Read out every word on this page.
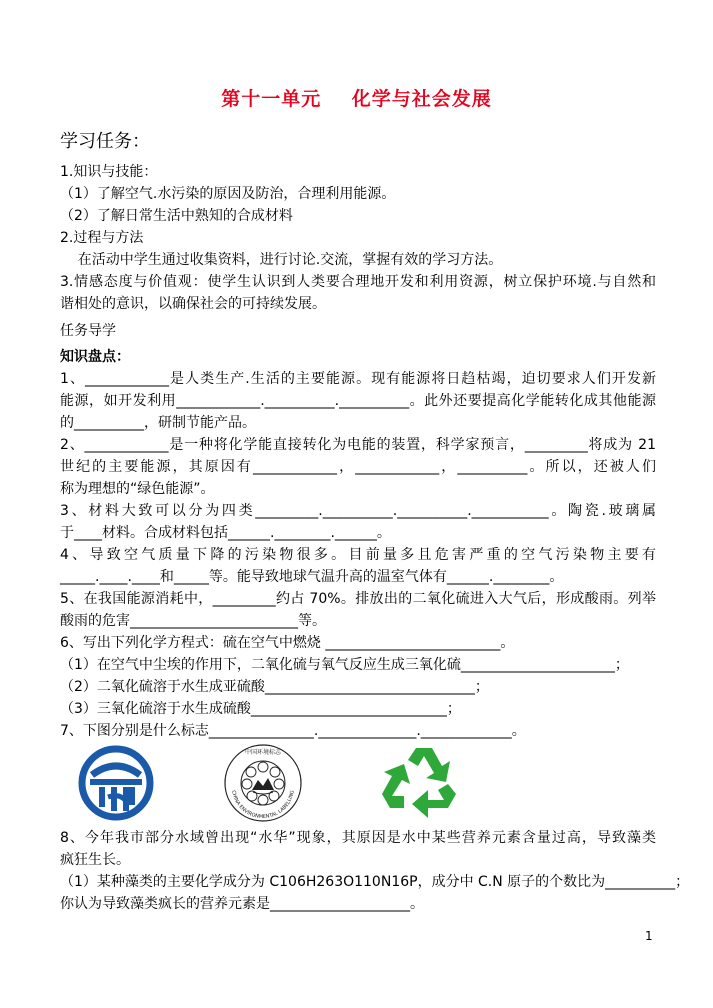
第十一单元    化学与社会发展
学习任务：
1.知识与技能：
（1）了解空气.水污染的原因及防治，合理利用能源。
（2）了解日常生活中熟知的合成材料
2.过程与方法
在活动中学生通过收集资料，进行讨论.交流，掌握有效的学习方法。
3.情感态度与价值观：使学生认识到人类要合理地开发和利用资源，树立保护环境.与自然和
谐相处的意识，以确保社会的可持续发展。
任务导学
知识盘点：
1、____________是人类生产.生活的主要能源。现有能源将日趋枯竭，迫切要求人们开发新
能源，如开发利用____________.__________.__________。此外还要提高化学能转化成其他能源
的__________，研制节能产品。
2、____________是一种将化学能直接转化为电能的装置，科学家预言，_________将成为 21
世纪的主要能源，其原因有____________，____________，__________。所以，还被人们
称为理想的“绿色能源”。
3、材料大致可以分为四类_________.__________.__________.___________。陶瓷.玻璃属
于____材料。合成材料包括______.________.______。
4、导致空气质量下降的污染物很多。目前量多且危害严重的空气污染物主要有
_____.____.____和_____等。能导致地球气温升高的温室气体有______.________。
5、在我国能源消耗中，_________约占 70%。排放出的二氧化硫进入大气后，形成酸雨。列举
酸雨的危害________________________等。
6、写出下列化学方程式：硫在空气中燃烧 _________________________。
（1）在空气中尘埃的作用下，二氧化硫与氧气反应生成三氧化硫______________________；
（2）二氧化硫溶于水生成亚硫酸______________________________；
（3）三氧化硫溶于水生成硫酸____________________________；
7、下图分别是什么标志_______________.______________._____________。
中国环境标志
CHINA ENVIRONMENTAL LABELLING
8、今年我市部分水域曾出现“水华”现象，其原因是水中某些营养元素含量过高，导致藻类
疯狂生长。
（1）某种藻类的主要化学成分为 C106H263O110N16P，成分中 C.N 原子的个数比为__________；
你认为导致藻类疯长的营养元素是____________________。
1
